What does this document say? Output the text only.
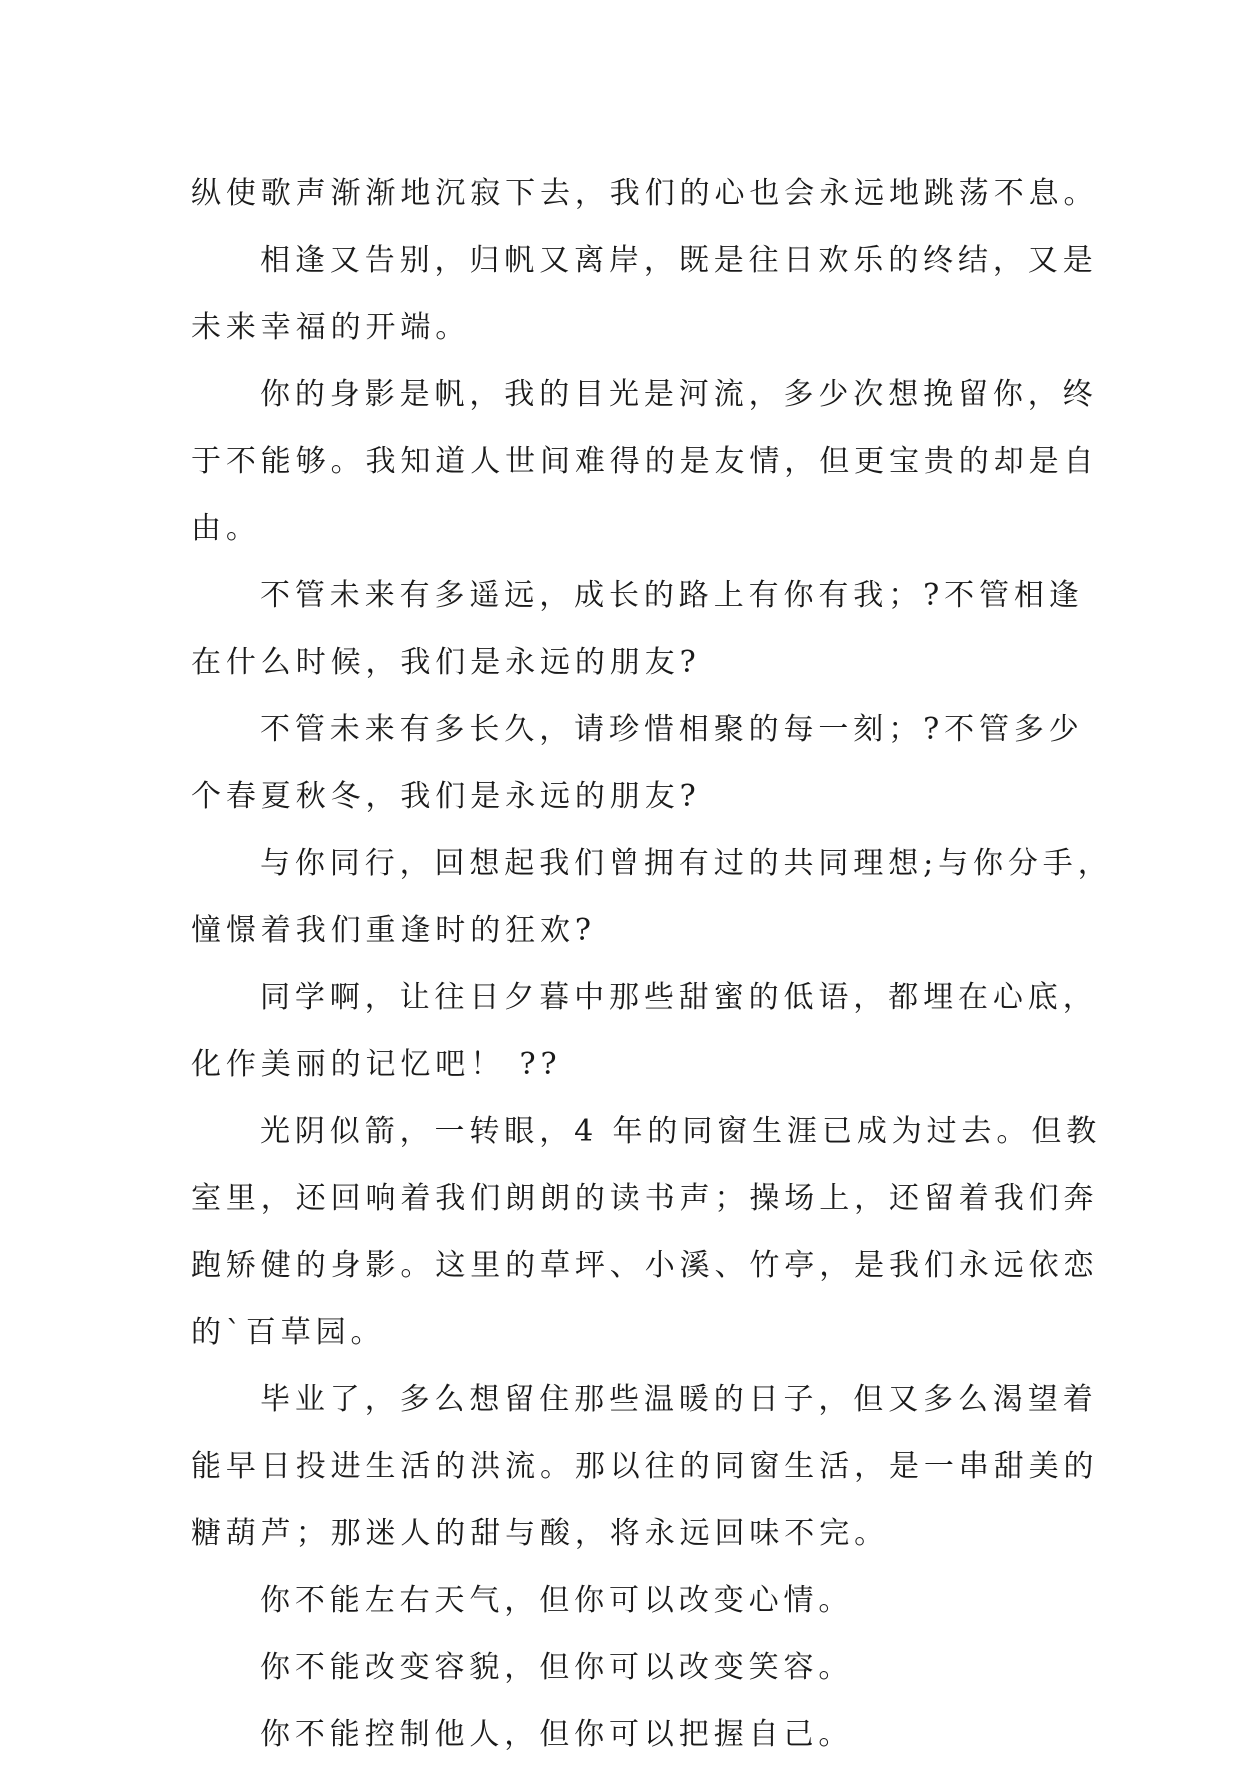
纵使歌声渐渐地沉寂下去，我们的心也会永远地跳荡不息。

相逢又告别，归帆又离岸，既是往日欢乐的终结，又是
未来幸福的开端。

你的身影是帆，我的目光是河流，多少次想挽留你，终
于不能够。我知道人世间难得的是友情，但更宝贵的却是自
由。

不管未来有多遥远，成长的路上有你有我；?不管相逢
在什么时候，我们是永远的朋友?

不管未来有多长久，请珍惜相聚的每一刻；?不管多少
个春夏秋冬，我们是永远的朋友?

与你同行，回想起我们曾拥有过的共同理想;与你分手，
憧憬着我们重逢时的狂欢?

同学啊，让往日夕暮中那些甜蜜的低语，都埋在心底，
化作美丽的记忆吧！ ??

光阴似箭，一转眼，4 年的同窗生涯已成为过去。但教
室里，还回响着我们朗朗的读书声；操场上，还留着我们奔
跑矫健的身影。这里的草坪、小溪、竹亭，是我们永远依恋
的`百草园。

毕业了，多么想留住那些温暖的日子，但又多么渴望着
能早日投进生活的洪流。那以往的同窗生活，是一串甜美的
糖葫芦；那迷人的甜与酸，将永远回味不完。

你不能左右天气，但你可以改变心情。

你不能改变容貌，但你可以改变笑容。

你不能控制他人，但你可以把握自己。
